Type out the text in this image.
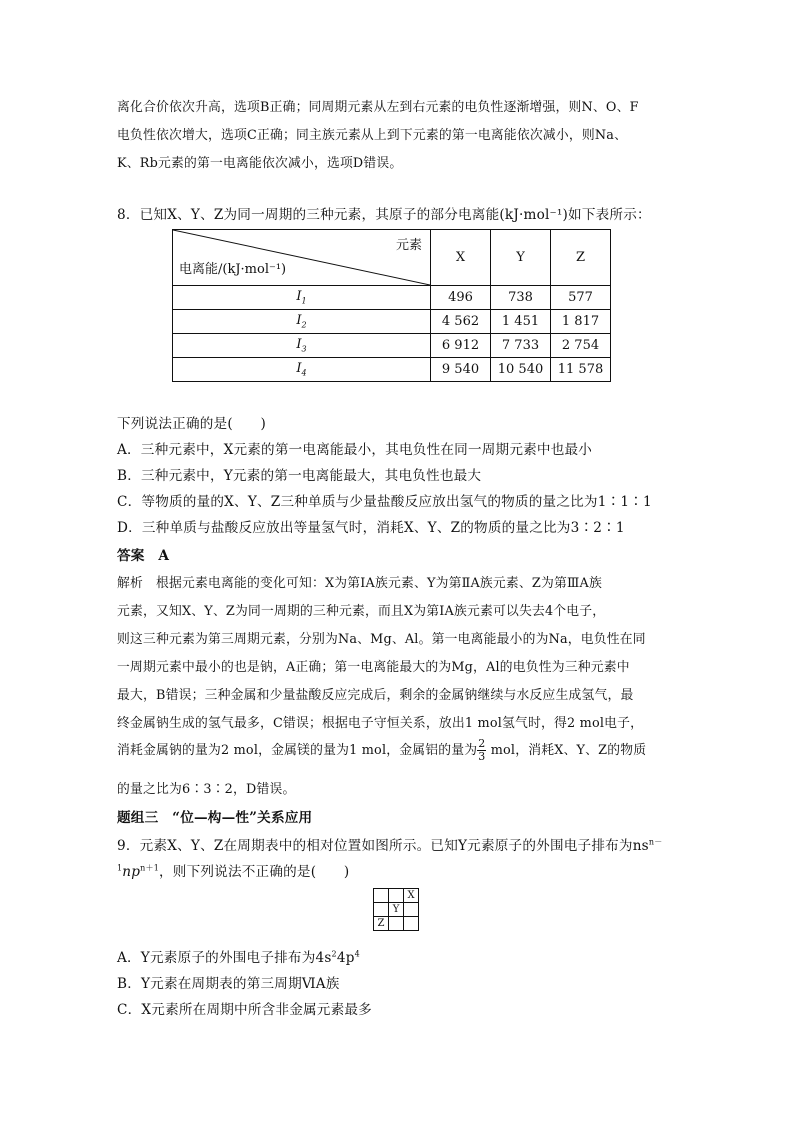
离化合价依次升高，选项B正确；同周期元素从左到右元素的电负性逐渐增强，则N、O、F
电负性依次增大，选项C正确；同主族元素从上到下元素的第一电离能依次减小，则Na、
K、Rb元素的第一电离能依次减小，选项D错误。
8．已知X、Y、Z为同一周期的三种元素，其原子的部分电离能(kJ·mol⁻¹)如下表所示：
元素
电离能/(kJ·mol⁻¹)	X	Y	Z
$I_1$	496	738	577
$I_2$	4 562	1 451	1 817
$I_3$	6 912	7 733	2 754
$I_4$	9 540	10 540	11 578
下列说法正确的是(　　)
A．三种元素中，X元素的第一电离能最小，其电负性在同一周期元素中也最小
B．三种元素中，Y元素的第一电离能最大，其电负性也最大
C．等物质的量的X、Y、Z三种单质与少量盐酸反应放出氢气的物质的量之比为1∶1∶1
D．三种单质与盐酸反应放出等量氢气时，消耗X、Y、Z的物质的量之比为3∶2∶1
答案　A
解析　根据元素电离能的变化可知：X为第ⅠA族元素、Y为第ⅡA族元素、Z为第ⅢA族
元素，又知X、Y、Z为同一周期的三种元素，而且X为第ⅠA族元素可以失去4个电子，
则这三种元素为第三周期元素，分别为Na、Mg、Al。第一电离能最小的为Na，电负性在同
一周期元素中最小的也是钠，A正确；第一电离能最大的为Mg，Al的电负性为三种元素中
最大，B错误；三种金属和少量盐酸反应完成后，剩余的金属钠继续与水反应生成氢气，最
终金属钠生成的氢气最多，C错误；根据电子守恒关系，放出1 mol氢气时，得2 mol电子，
消耗金属钠的量为2 mol，金属镁的量为1 mol，金属铝的量为 $\frac{2}{3}$ mol，消耗X、Y、Z的物质
的量之比为6∶3∶2，D错误。
题组三　“位—构—性”关系应用
9．元素X、Y、Z在周期表中的相对位置如图所示。已知Y元素原子的外围电子排布为$ns^{n-}$
$^1np^{n+1}$，则下列说法不正确的是(　　)
		X
	Y	
Z		
A．Y元素原子的外围电子排布为$4s^24p^4$
B．Y元素在周期表的第三周期ⅥA族
C．X元素所在周期中所含非金属元素最多
